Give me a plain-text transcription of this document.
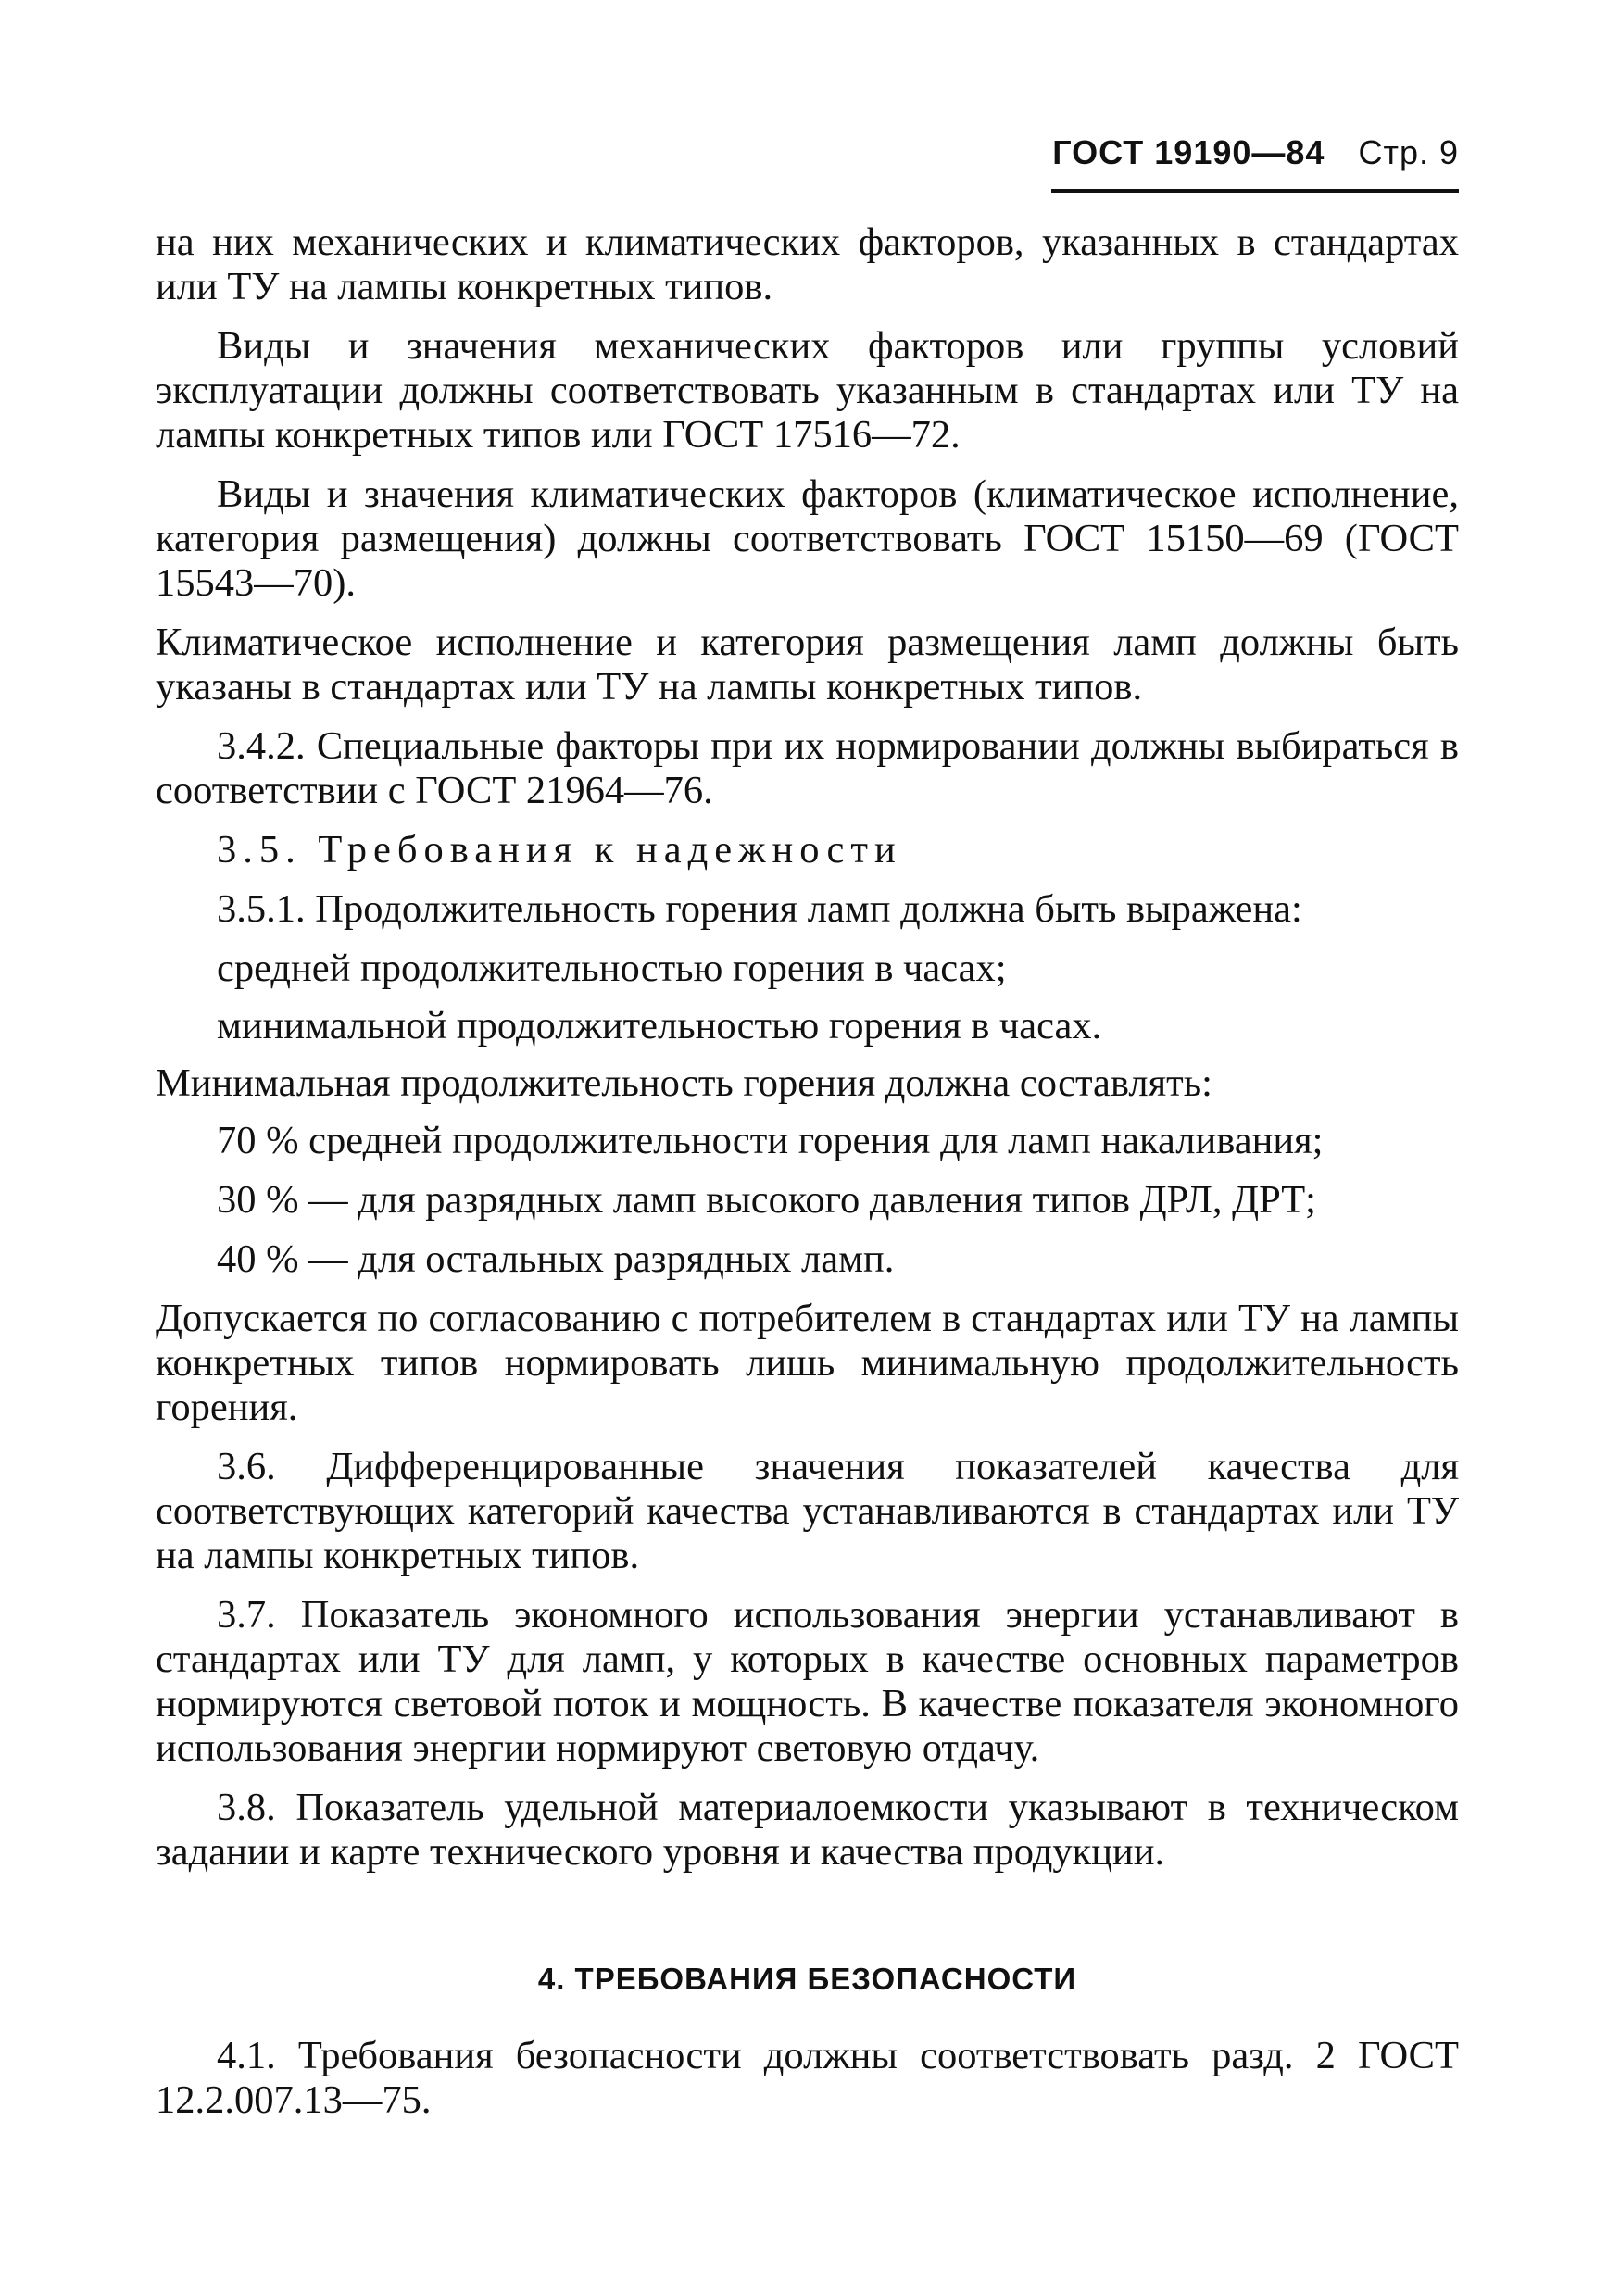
ГОСТ 19190—84 Стр. 9

на них механических и климатических факторов, указанных в стандартах или ТУ на лампы конкретных типов.

Виды и значения механических факторов или группы условий эксплуатации должны соответствовать указанным в стандартах или ТУ на лампы конкретных типов или ГОСТ 17516—72.

Виды и значения климатических факторов (климатическое исполнение, категория размещения) должны соответствовать ГОСТ 15150—69 (ГОСТ 15543—70).

Климатическое исполнение и категория размещения ламп должны быть указаны в стандартах или ТУ на лампы конкретных типов.

3.4.2. Специальные факторы при их нормировании должны выбираться в соответствии с ГОСТ 21964—76.

3.5. Требования к надежности

3.5.1. Продолжительность горения ламп должна быть выражена:

средней продолжительностью горения в часах;

минимальной продолжительностью горения в часах.

Минимальная продолжительность горения должна составлять:

70 % средней продолжительности горения для ламп накаливания;

30 % — для разрядных ламп высокого давления типов ДРЛ, ДРТ;

40 % — для остальных разрядных ламп.

Допускается по согласованию с потребителем в стандартах или ТУ на лампы конкретных типов нормировать лишь минимальную продолжительность горения.

3.6. Дифференцированные значения показателей качества для соответствующих категорий качества устанавливаются в стандартах или ТУ на лампы конкретных типов.

3.7. Показатель экономного использования энергии устанавливают в стандартах или ТУ для ламп, у которых в качестве основных параметров нормируются световой поток и мощность. В качестве показателя экономного использования энергии нормируют световую отдачу.

3.8. Показатель удельной материалоемкости указывают в техническом задании и карте технического уровня и качества продукции.

4. ТРЕБОВАНИЯ БЕЗОПАСНОСТИ

4.1. Требования безопасности должны соответствовать разд. 2 ГОСТ 12.2.007.13—75.
